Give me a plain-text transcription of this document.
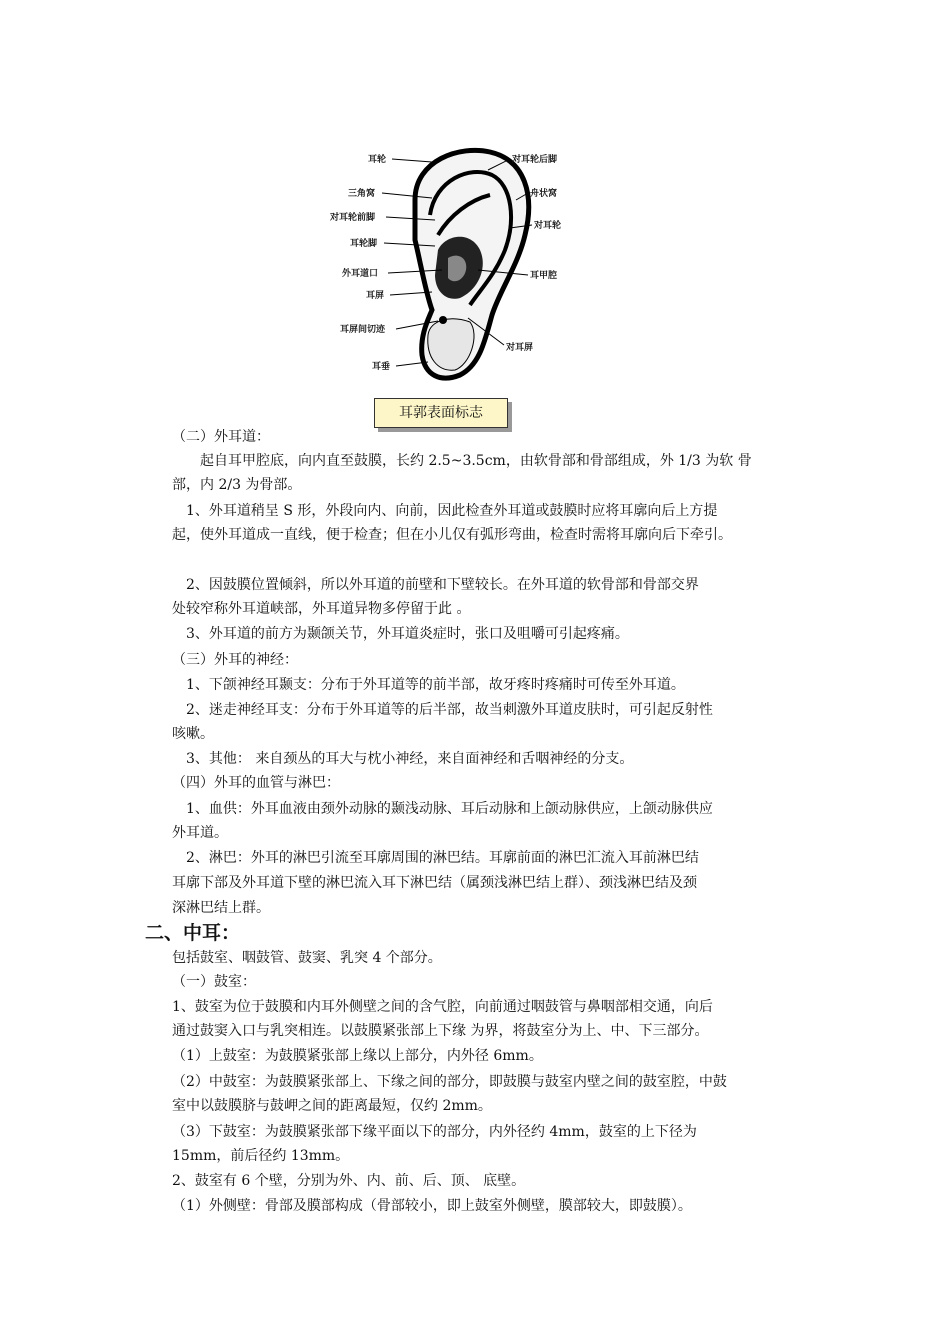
耳轮
三角窝
对耳轮前脚
耳轮脚
外耳道口
耳屏
耳屏间切迹
耳垂
对耳轮后脚
舟状窝
对耳轮
耳甲腔
对耳屏
耳郭表面标志

（二）外耳道：

　　起自耳甲腔底，向内直至鼓膜，长约 2.5~3.5cm，由软骨部和骨部组成，外 1/3 为软 骨

部，内 2/3 为骨部。

　1、外耳道稍呈 S 形，外段向内、向前，因此检查外耳道或鼓膜时应将耳廓向后上方提

起，使外耳道成一直线，便于检查；但在小儿仅有弧形弯曲，检查时需将耳廓向后下牵引。

　2、因鼓膜位置倾斜，所以外耳道的前壁和下壁较长。在外耳道的软骨部和骨部交界

处较窄称外耳道峡部，外耳道异物多停留于此 。

　3、外耳道的前方为颞颌关节，外耳道炎症时，张口及咀嚼可引起疼痛。

（三）外耳的神经：

　1、下颌神经耳颞支：分布于外耳道等的前半部，故牙疼时疼痛时可传至外耳道。

　2、迷走神经耳支：分布于外耳道等的后半部，故当刺激外耳道皮肤时，可引起反射性

咳嗽。

　3、其他： 来自颈丛的耳大与枕小神经，来自面神经和舌咽神经的分支。

（四）外耳的血管与淋巴：

　1、血供：外耳血液由颈外动脉的颞浅动脉、耳后动脉和上颌动脉供应，上颌动脉供应

外耳道。

　2、淋巴：外耳的淋巴引流至耳廓周围的淋巴结。耳廓前面的淋巴汇流入耳前淋巴结

耳廓下部及外耳道下壁的淋巴流入耳下淋巴结（属颈浅淋巴结上群）、颈浅淋巴结及颈

深淋巴结上群。

二、中耳：

包括鼓室、咽鼓管、鼓窦、乳突 4 个部分。

（一）鼓室：

1、鼓室为位于鼓膜和内耳外侧壁之间的含气腔，向前通过咽鼓管与鼻咽部相交通，向后

通过鼓窦入口与乳突相连。以鼓膜紧张部上下缘 为界，将鼓室分为上、中、下三部分。

（1）上鼓室：为鼓膜紧张部上缘以上部分，内外径 6mm。

（2）中鼓室：为鼓膜紧张部上、下缘之间的部分，即鼓膜与鼓室内壁之间的鼓室腔，中鼓

室中以鼓膜脐与鼓岬之间的距离最短，仅约 2mm。

（3）下鼓室：为鼓膜紧张部下缘平面以下的部分，内外径约 4mm，鼓室的上下径为

15mm，前后径约 13mm。

2、鼓室有 6 个壁，分别为外、内、前、后、顶、 底壁。

（1）外侧壁：骨部及膜部构成（骨部较小，即上鼓室外侧壁，膜部较大，即鼓膜）。
